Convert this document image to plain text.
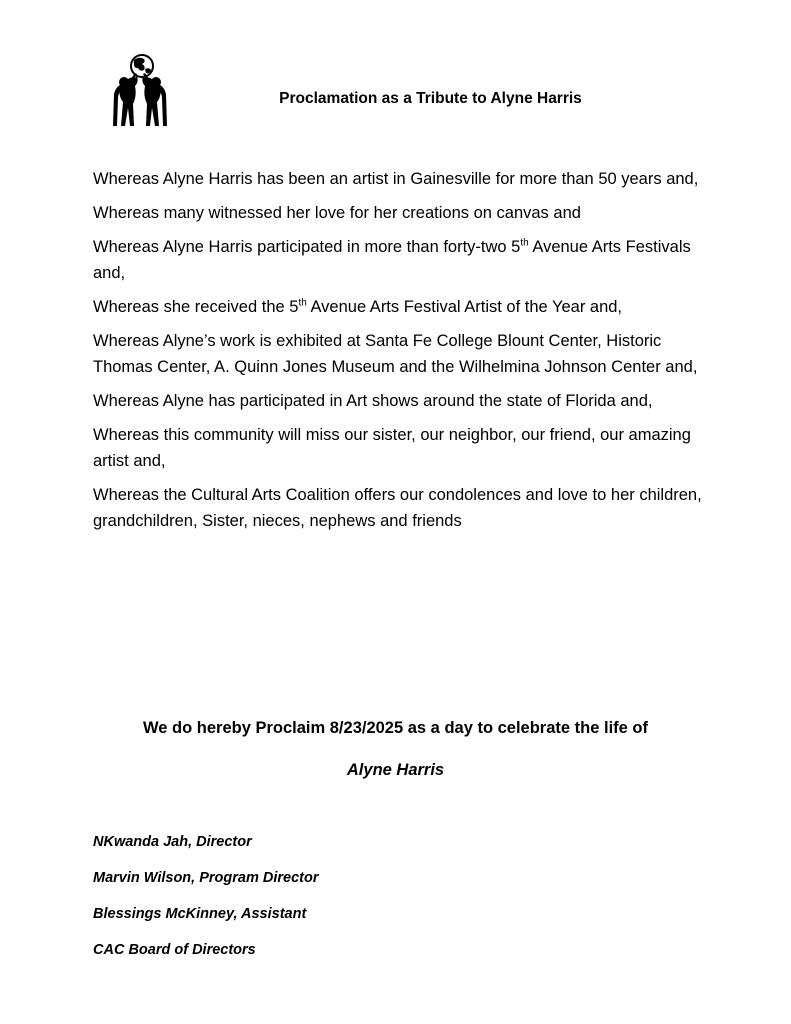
Proclamation as a Tribute to Alyne Harris

Whereas Alyne Harris has been an artist in Gainesville for more than 50 years and,

Whereas many witnessed her love for her creations on canvas and

Whereas Alyne Harris participated in more than forty-two 5th Avenue Arts Festivals and,

Whereas she received the 5th Avenue Arts Festival Artist of the Year and,

Whereas Alyne’s work is exhibited at Santa Fe College Blount Center, Historic Thomas Center, A. Quinn Jones Museum and the Wilhelmina Johnson Center and,

Whereas Alyne has participated in Art shows around the state of Florida and,

Whereas this community will miss our sister, our neighbor, our friend, our amazing artist and,

Whereas the Cultural Arts Coalition offers our condolences and love to her children, grandchildren, Sister, nieces, nephews and friends

We do hereby Proclaim 8/23/2025 as a day to celebrate the life of
Alyne Harris
NKwanda Jah, Director
Marvin Wilson, Program Director
Blessings McKinney, Assistant
CAC Board of Directors
